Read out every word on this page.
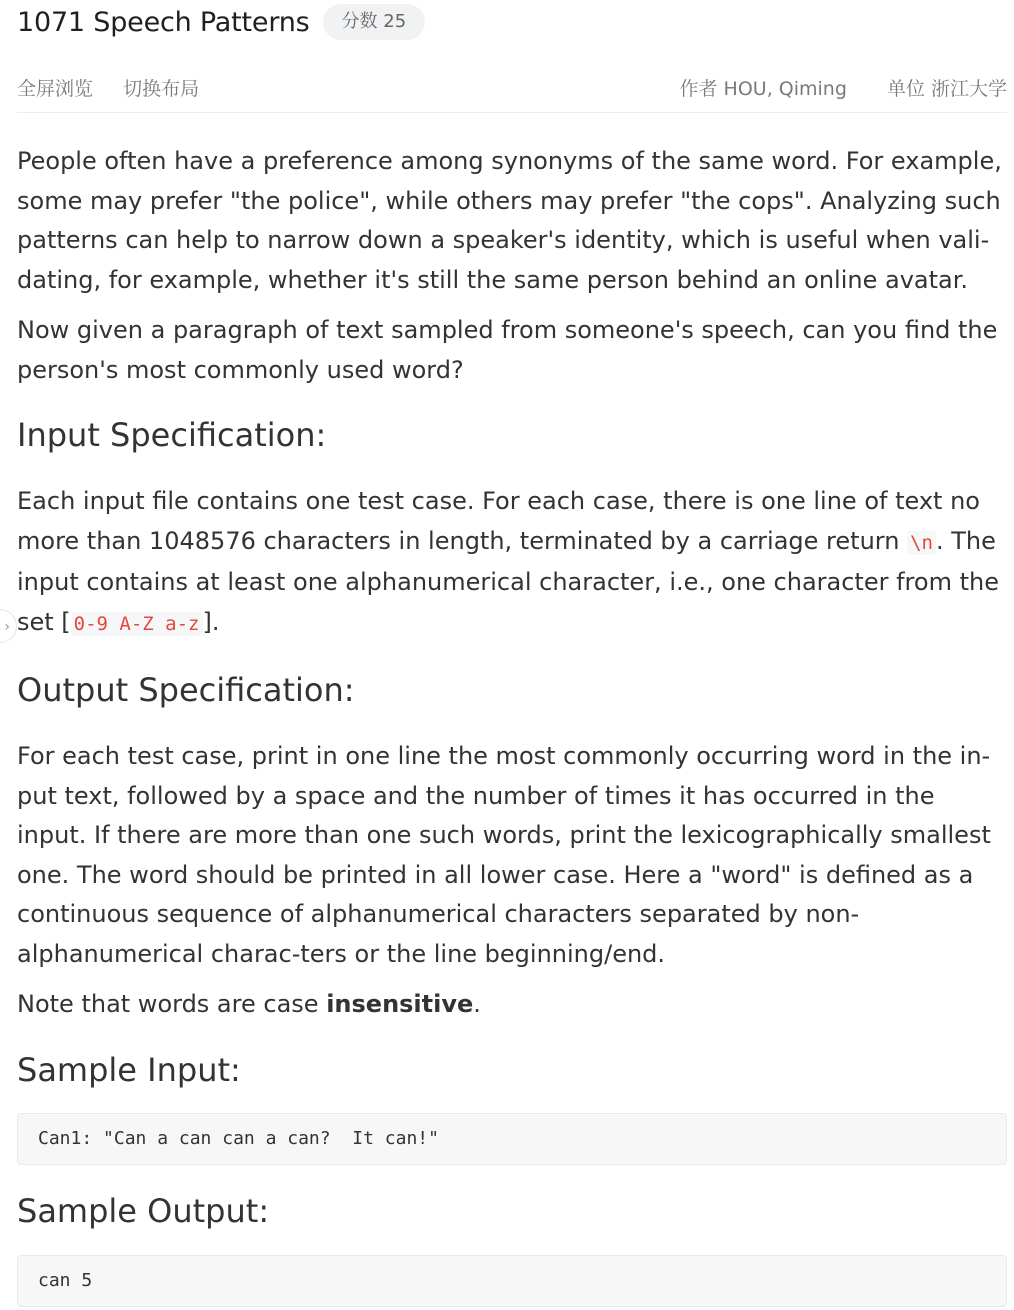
›
1071 Speech Patterns	分数 25
全屏浏览 切换布局	作者 HOU, Qiming 单位 浙江大学

People often have a preference among synonyms of the same word. For example, some may prefer "the police", while others may prefer "the cops". Analyzing such patterns can help to narrow down a speaker's identity, which is useful when vali-dating, for example, whether it's still the same person behind an online avatar.

Now given a paragraph of text sampled from someone's speech, can you find the person's most commonly used word?

Input Specification:

Each input file contains one test case. For each case, there is one line of text no more than 1048576 characters in length, terminated by a carriage return \n . The input contains at least one alphanumerical character, i.e., one character from the set [ 0-9 A-Z a-z ].

Output Specification:

For each test case, print in one line the most commonly occurring word in the in-put text, followed by a space and the number of times it has occurred in the input. If there are more than one such words, print the lexicographically smallest one. The word should be printed in all lower case. Here a "word" is defined as a continuous sequence of alphanumerical characters separated by non-alphanumerical charac-ters or the line beginning/end.

Note that words are case insensitive.

Sample Input:
Can1: "Can a can can a can?  It can!"
Sample Output:
can 5
